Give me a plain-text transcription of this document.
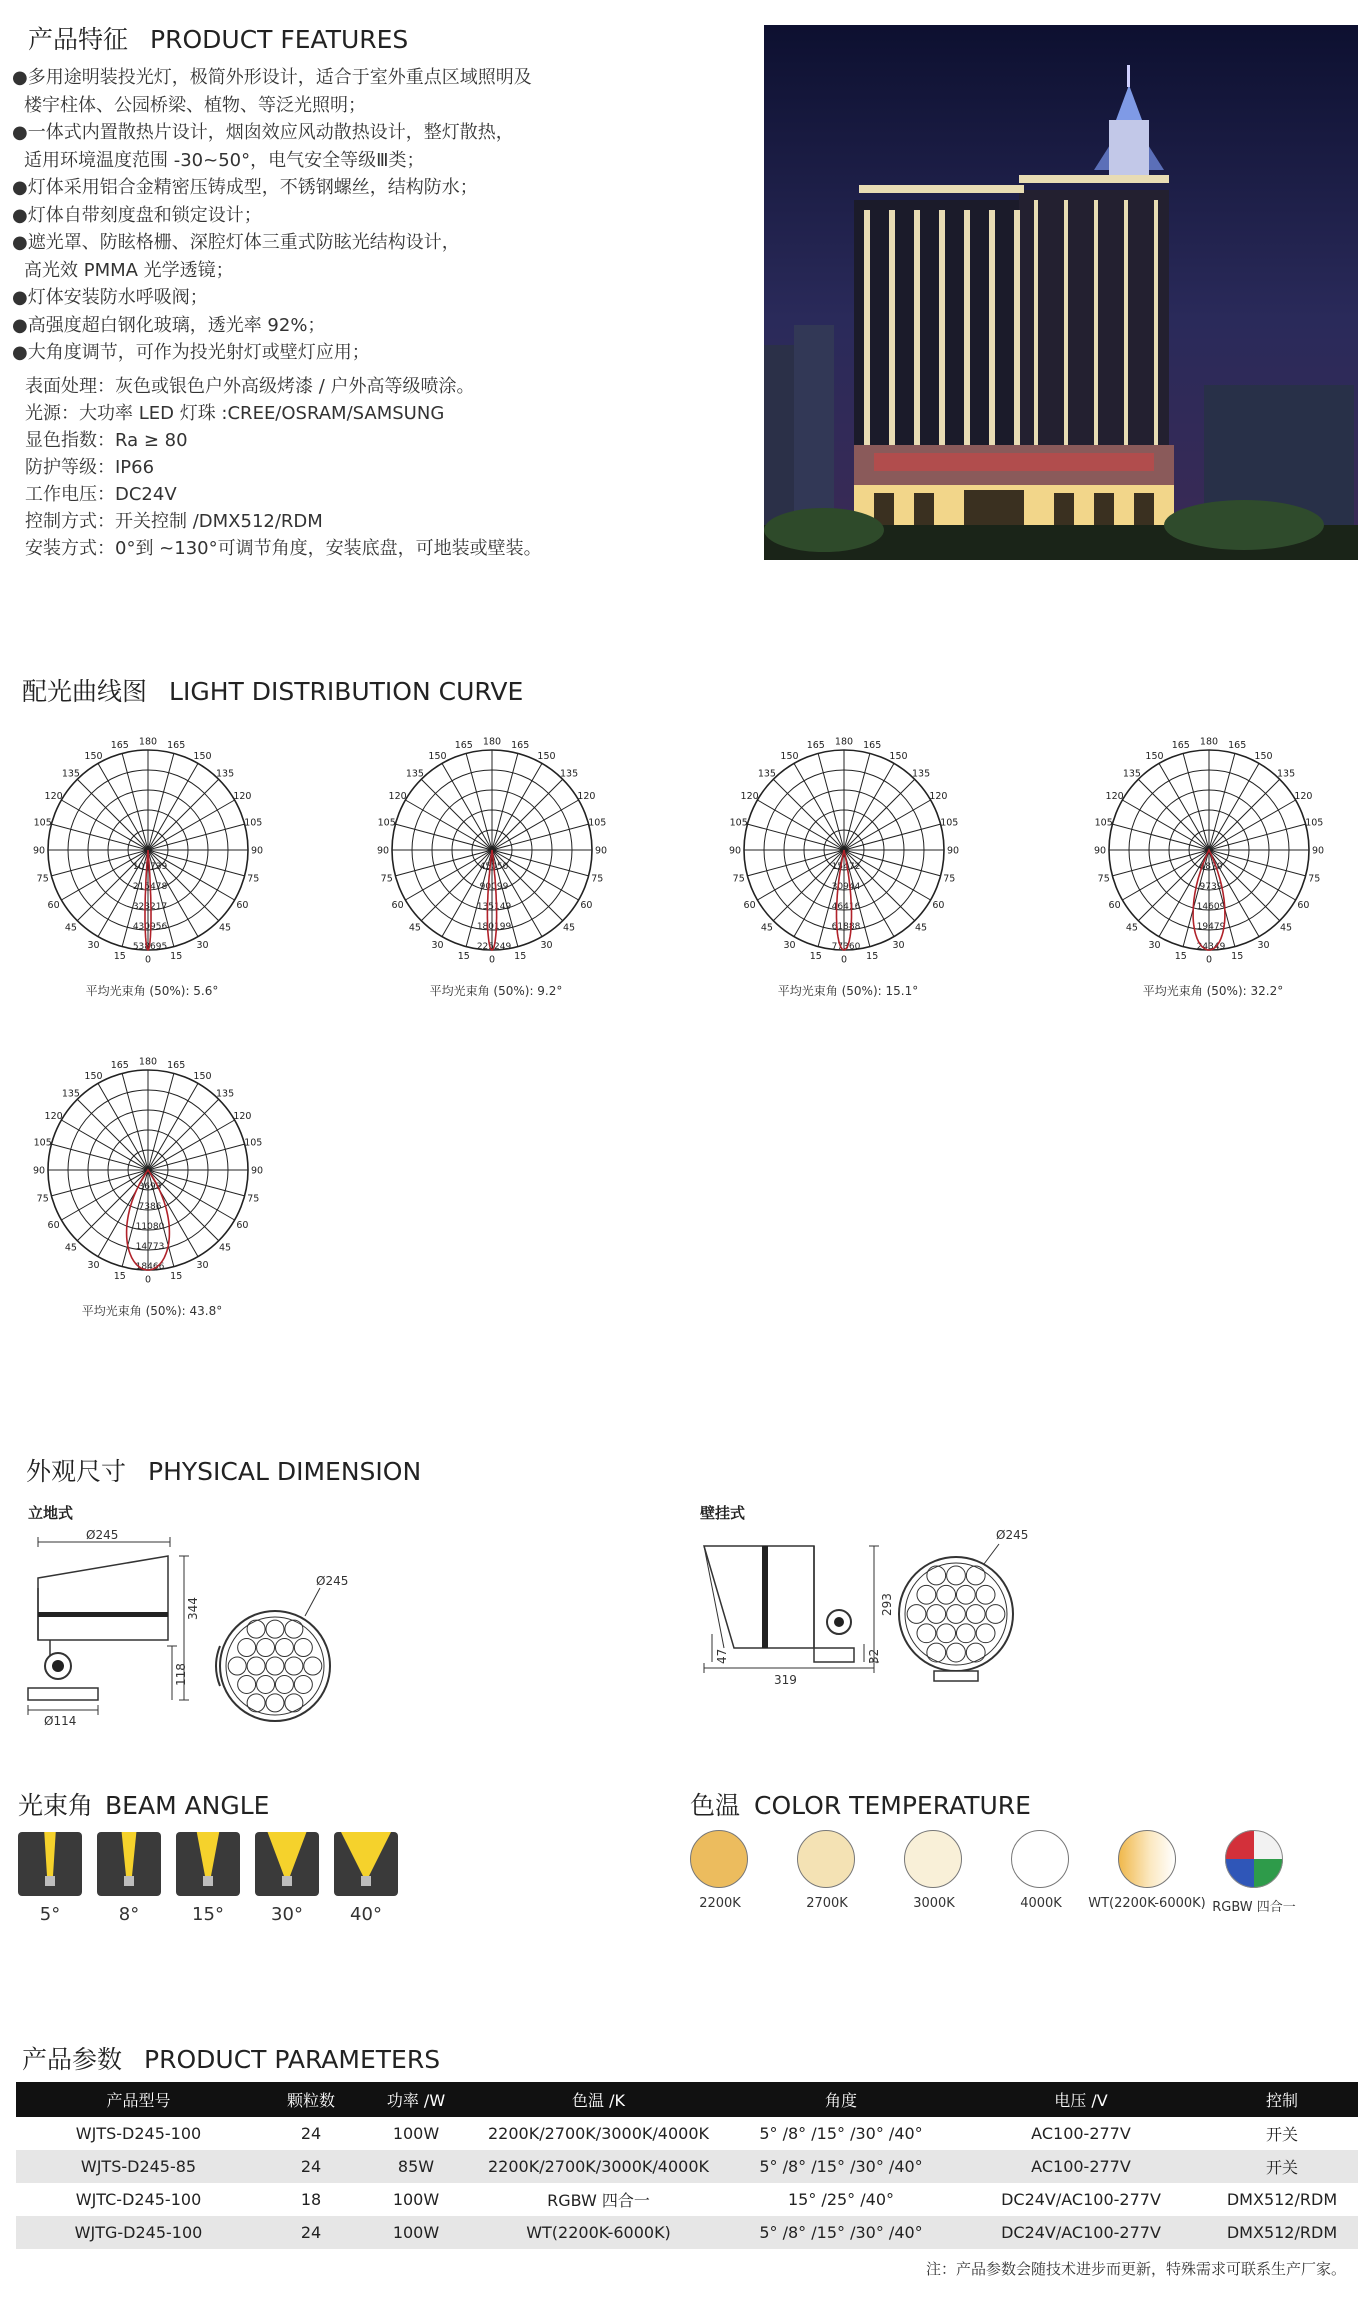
产品特征 PRODUCT FEATURES
●多用途明装投光灯，极简外形设计，适合于室外重点区域照明及
楼宇柱体、公园桥梁、植物、等泛光照明；
●一体式内置散热片设计，烟囱效应风动散热设计，整灯散热，
适用环境温度范围 -30~50°，电气安全等级Ⅲ类；
●灯体采用铝合金精密压铸成型，不锈钢螺丝，结构防水；
●灯体自带刻度盘和锁定设计；
●遮光罩、防眩格栅、深腔灯体三重式防眩光结构设计，
高光效 PMMA 光学透镜；
●灯体安装防水呼吸阀；
●高强度超白钢化玻璃，透光率 92%；
●大角度调节，可作为投光射灯或壁灯应用；
表面处理：灰色或银色户外高级烤漆 / 户外高等级喷涂。
光源：大功率 LED 灯珠 :CREE/OSRAM/SAMSUNG
显色指数：Ra ≥ 80
防护等级：IP66
工作电压：DC24V
控制方式：开关控制 /DMX512/RDM
安装方式：0°到 ~130°可调节角度，安装底盘，可地装或壁装。
配光曲线图 LIGHT DISTRIBUTION CURVE
180
165	165
150	150
135	135
120	120
105	105
90	90
75	75
60	60
45	45
30	30
15	15
0
107739
215478
323217
430956
538695
平均光束角 (50%): 5.6°
180
165	165
150	150
135	135
120	120
105	105
90	90
75	75
60	60
45	45
30	30
15	15
0
45050
90099
135149
180199
225249
平均光束角 (50%): 9.2°
180
165	165
150	150
135	135
120	120
105	105
90	90
75	75
60	60
45	45
30	30
15	15
0
15472
30944
46416
61888
77360
平均光束角 (50%): 15.1°
180
165	165
150	150
135	135
120	120
105	105
90	90
75	75
60	60
45	45
30	30
15	15
0
4870
9739
14609
19479
24349
平均光束角 (50%): 32.2°
180
165	165
150	150
135	135
120	120
105	105
90	90
75	75
60	60
45	45
30	30
15	15
0
3693
7386
11080
14773
18466
平均光束角 (50%): 43.8°
外观尺寸 PHYSICAL DIMENSION
立地式	壁挂式
Ø245
Ø245
344
118
Ø114
Ø245
293
319
47	32
光束角 BEAM ANGLE
5°	8°	15°	30°	40°
色温 COLOR TEMPERATURE
2200K	2700K	3000K	4000K	WT(2200K-6000K) RGBW 四合一
产品参数 PRODUCT PARAMETERS
产品型号	颗粒数	功率 /W	色温 /K	角度	电压 /V	控制
WJTS-D245-100	24	100W	2200K/2700K/3000K/4000K	5° /8° /15° /30° /40°	AC100-277V	开关
WJTS-D245-85	24	85W	2200K/2700K/3000K/4000K	5° /8° /15° /30° /40°	AC100-277V	开关
WJTC-D245-100	18	100W	RGBW 四合一	15° /25° /40°	DC24V/AC100-277V	DMX512/RDM
WJTG-D245-100	24	100W	WT(2200K-6000K)	5° /8° /15° /30° /40°	DC24V/AC100-277V	DMX512/RDM
注：产品参数会随技术进步而更新，特殊需求可联系生产厂家。
